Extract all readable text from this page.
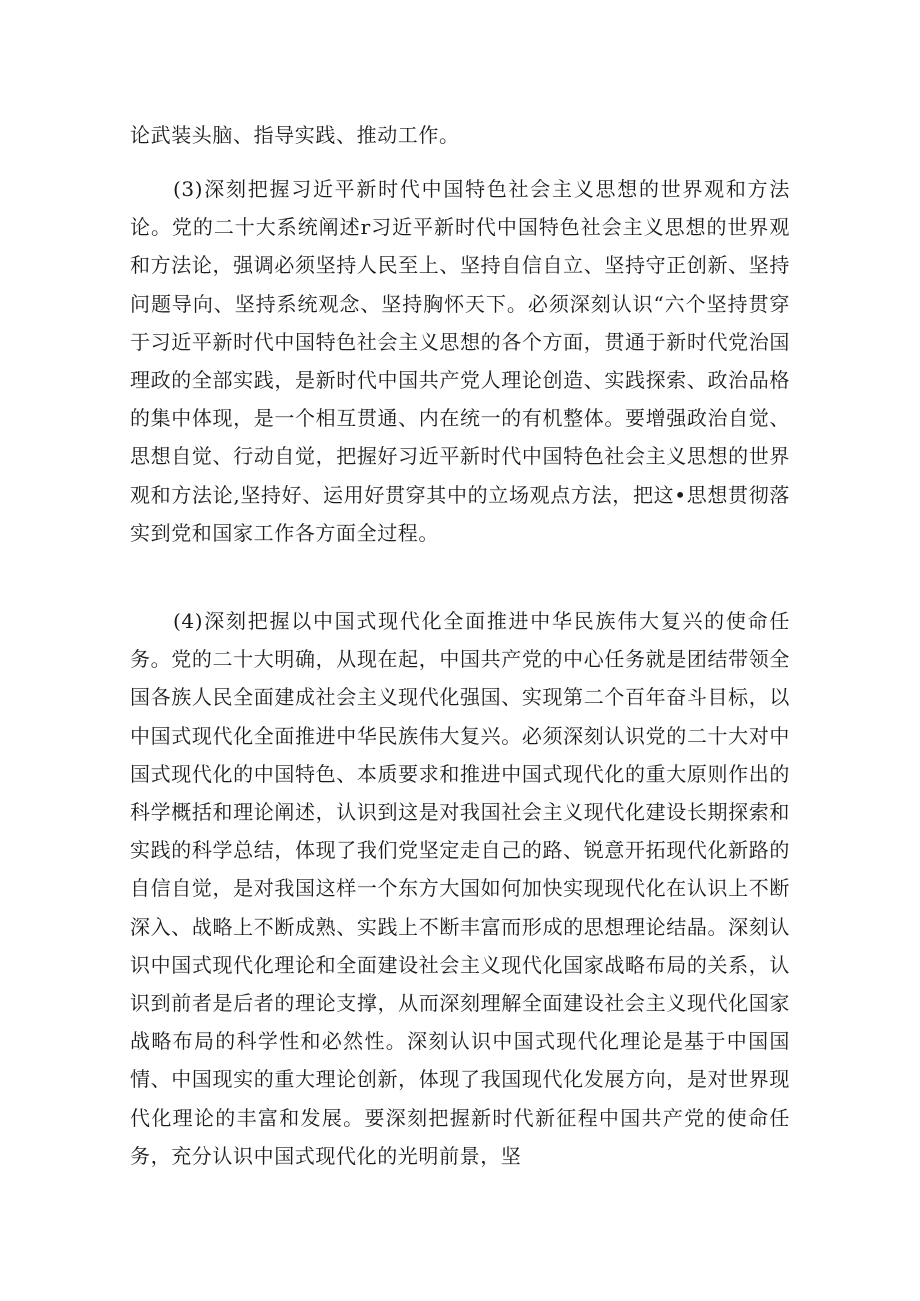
论武装头脑、指导实践、推动工作。

(3)深刻把握习近平新时代中国特色社会主义思想的世界观和方法论。党的二十大系统阐述r习近平新时代中国特色社会主义思想的世界观和方法论，强调必须坚持人民至上、坚持自信自立、坚持守正创新、坚持问题导向、坚持系统观念、坚持胸怀天下。必须深刻认识“六个坚持贯穿于习近平新时代中国特色社会主义思想的各个方面，贯通于新时代党治国理政的全部实践，是新时代中国共产党人理论创造、实践探索、政治品格的集中体现，是一个相互贯通、内在统一的有机整体。要增强政治自觉、思想自觉、行动自觉，把握好习近平新时代中国特色社会主义思想的世界观和方法论,坚持好、运用好贯穿其中的立场观点方法，把这•思想贯彻落实到党和国家工作各方面全过程。

(4)深刻把握以中国式现代化全面推进中华民族伟大复兴的使命任务。党的二十大明确，从现在起，中国共产党的中心任务就是团结带领全国各族人民全面建成社会主义现代化强国、实现第二个百年奋斗目标，以中国式现代化全面推进中华民族伟大复兴。必须深刻认识党的二十大对中国式现代化的中国特色、本质要求和推进中国式现代化的重大原则作出的科学概括和理论阐述，认识到这是对我国社会主义现代化建设长期探索和实践的科学总结，体现了我们党坚定走自己的路、锐意开拓现代化新路的自信自觉，是对我国这样一个东方大国如何加快实现现代化在认识上不断深入、战略上不断成熟、实践上不断丰富而形成的思想理论结晶。深刻认识中国式现代化理论和全面建设社会主义现代化国家战略布局的关系，认识到前者是后者的理论支撑，从而深刻理解全面建设社会主义现代化国家战略布局的科学性和必然性。深刻认识中国式现代化理论是基于中国国情、中国现实的重大理论创新，体现了我国现代化发展方向，是对世界现代化理论的丰富和发展。要深刻把握新时代新征程中国共产党的使命任务，充分认识中国式现代化的光明前景，坚
